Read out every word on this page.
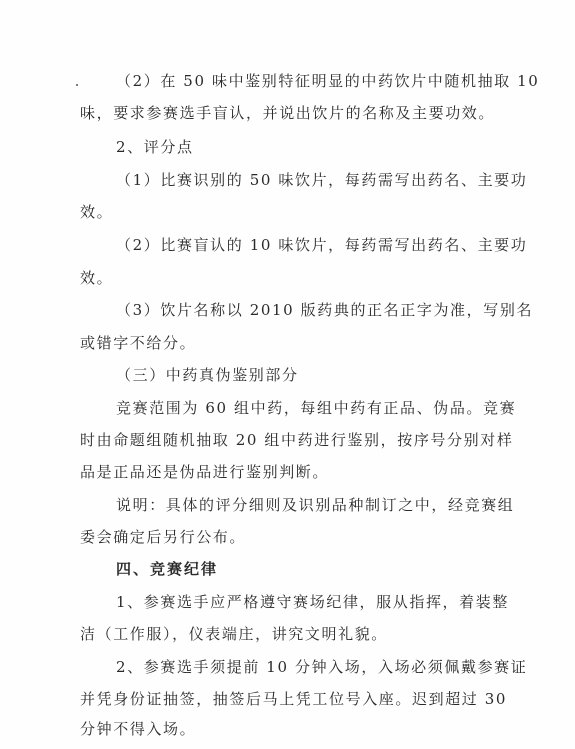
（2）在 50 味中鉴别特征明显的中药饮片中随机抽取 10
味，要求参赛选手盲认，并说出饮片的名称及主要功效。
2、评分点
（1）比赛识别的 50 味饮片，每药需写出药名、主要功
效。
（2）比赛盲认的 10 味饮片，每药需写出药名、主要功
效。
（3）饮片名称以 2010 版药典的正名正字为准，写别名
或错字不给分。
（三）中药真伪鉴别部分
竞赛范围为 60 组中药，每组中药有正品、伪品。竞赛
时由命题组随机抽取 20 组中药进行鉴别，按序号分别对样
品是正品还是伪品进行鉴别判断。
说明：具体的评分细则及识别品种制订之中，经竞赛组
委会确定后另行公布。
四、竞赛纪律
1、参赛选手应严格遵守赛场纪律，服从指挥，着装整
洁（工作服），仪表端庄，讲究文明礼貌。
2、参赛选手须提前 10 分钟入场，入场必须佩戴参赛证
并凭身份证抽签，抽签后马上凭工位号入座。迟到超过 30
分钟不得入场。
